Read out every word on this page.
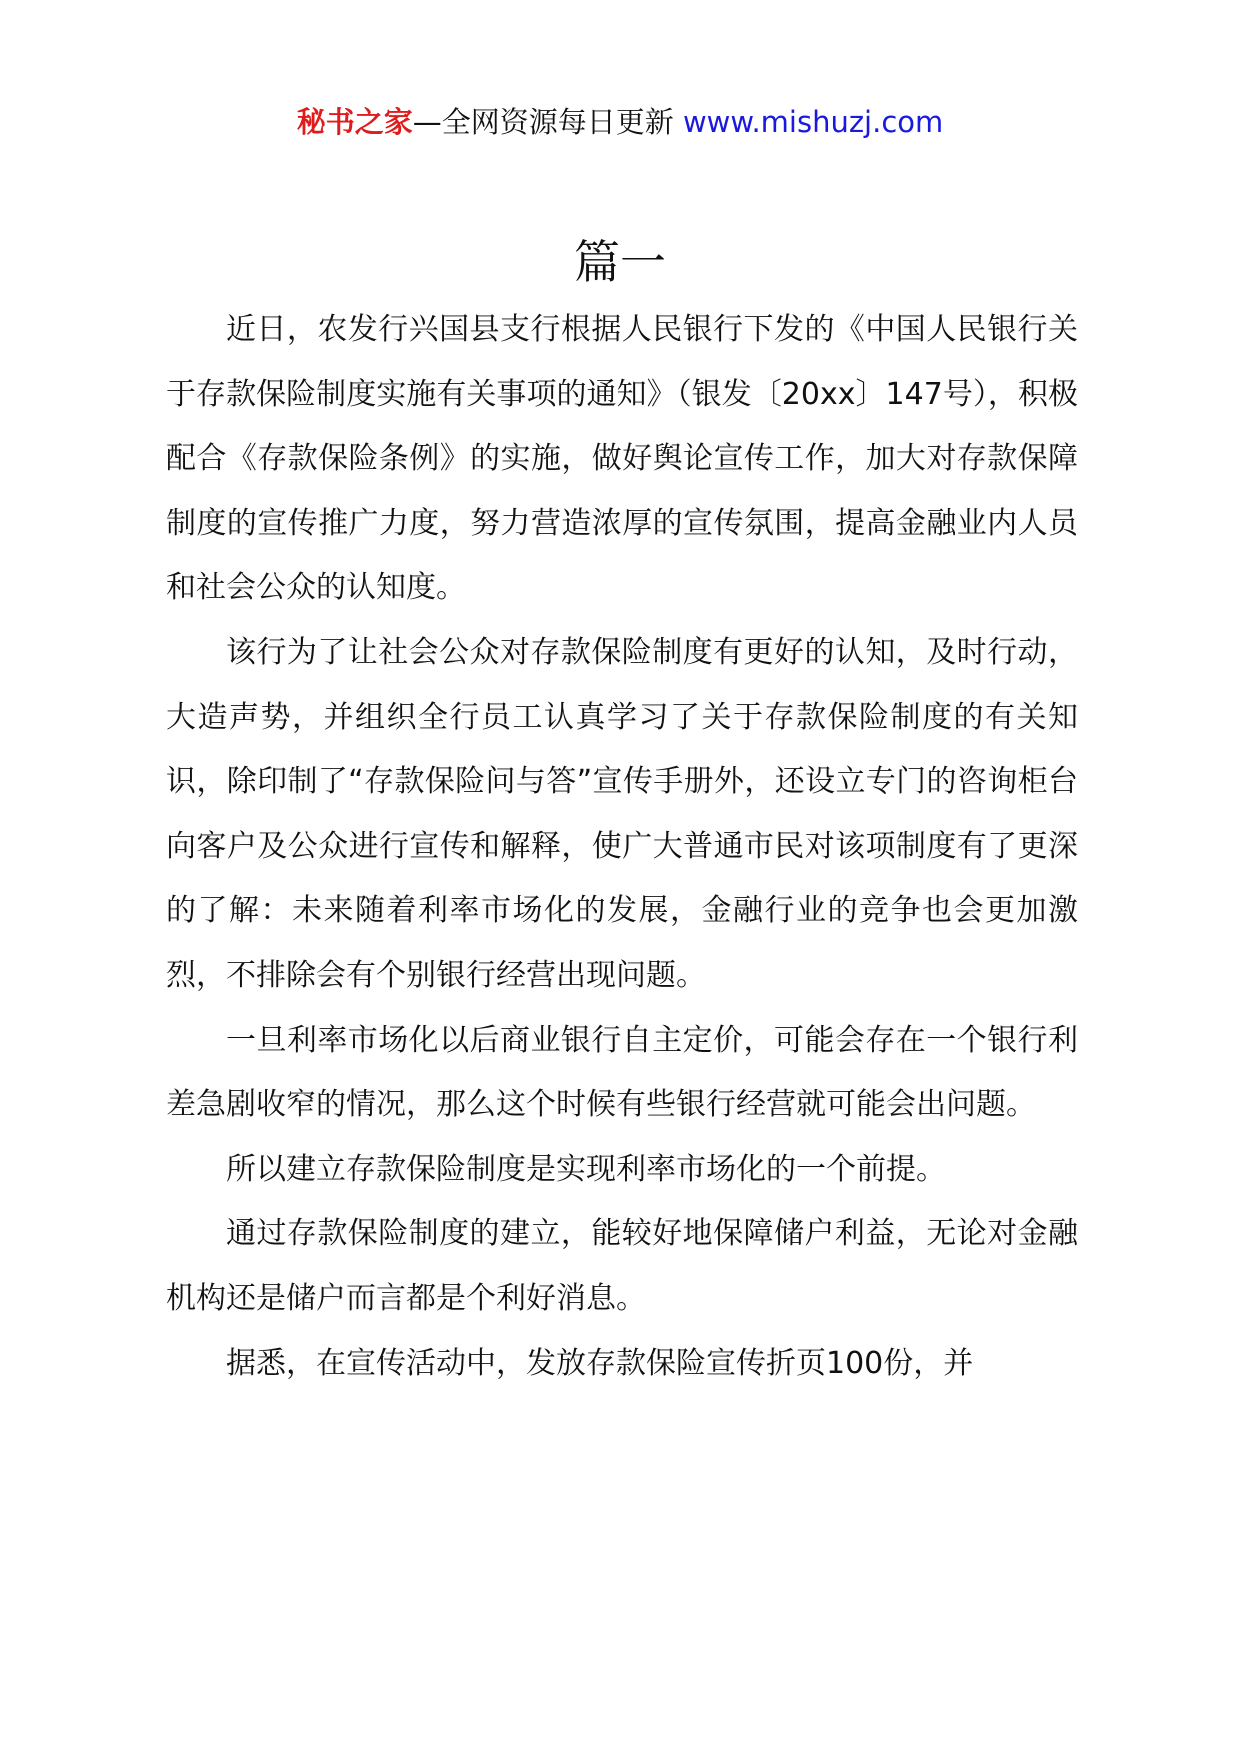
秘书之家—全网资源每日更新 www.mishuzj.com
篇一

近日，农发行兴国县支行根据人民银行下发的《中国人民银行关于存款保险制度实施有关事项的通知》（银发〔20xx〕147号），积极配合《存款保险条例》的实施，做好舆论宣传工作，加大对存款保障制度的宣传推广力度，努力营造浓厚的宣传氛围，提高金融业内人员和社会公众的认知度。

该行为了让社会公众对存款保险制度有更好的认知，及时行动，大造声势，并组织全行员工认真学习了关于存款保险制度的有关知识，除印制了“存款保险问与答”宣传手册外，还设立专门的咨询柜台向客户及公众进行宣传和解释，使广大普通市民对该项制度有了更深的了解：未来随着利率市场化的发展，金融行业的竞争也会更加激烈，不排除会有个别银行经营出现问题。

一旦利率市场化以后商业银行自主定价，可能会存在一个银行利差急剧收窄的情况，那么这个时候有些银行经营就可能会出问题。

所以建立存款保险制度是实现利率市场化的一个前提。

通过存款保险制度的建立，能较好地保障储户利益，无论对金融机构还是储户而言都是个利好消息。

据悉，在宣传活动中，发放存款保险宣传折页100份，并
